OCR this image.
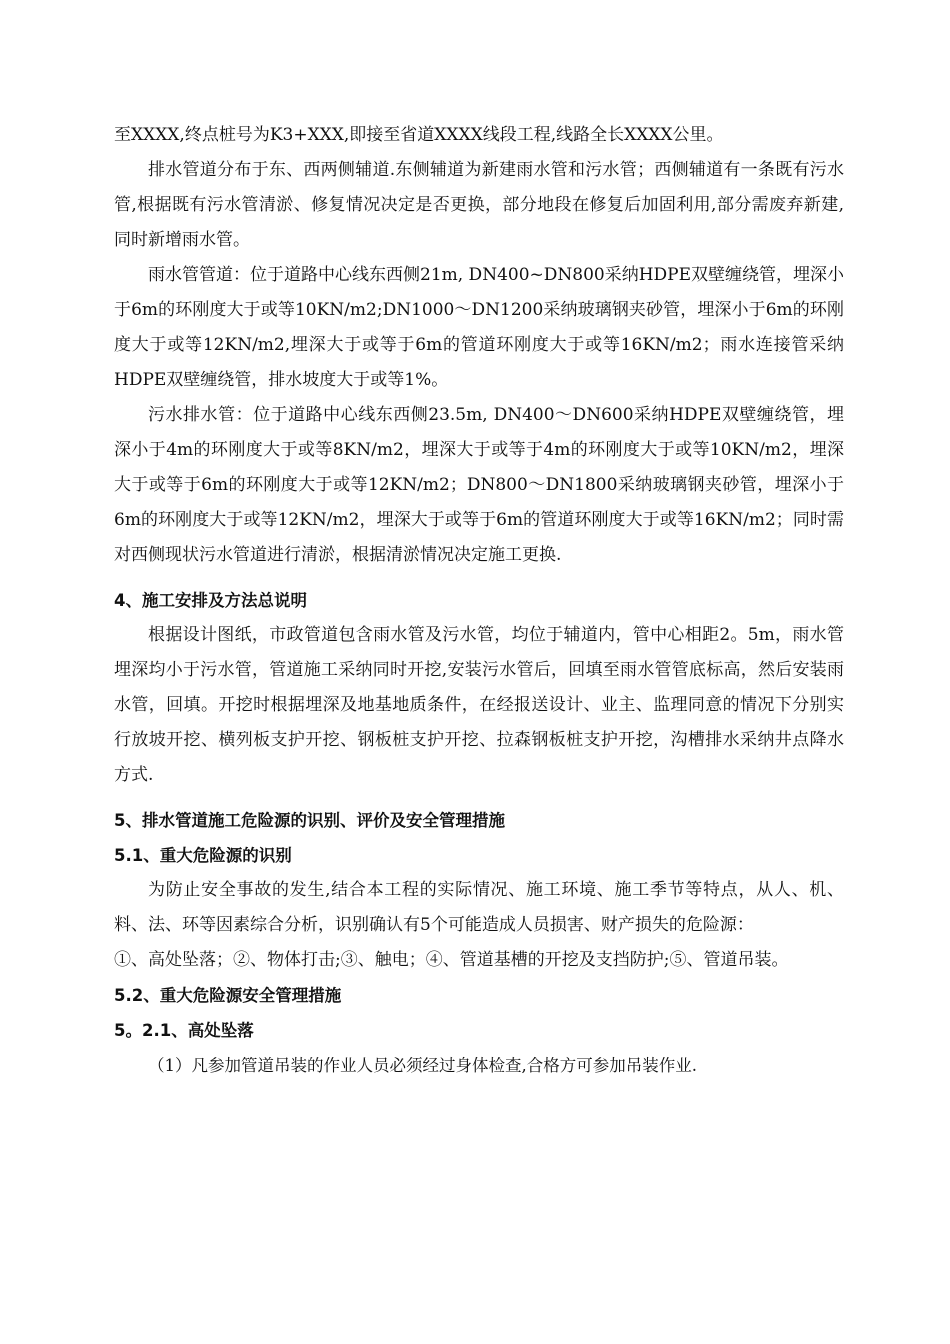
至XXXX,终点桩号为K3+XXX,即接至省道XXXX线段工程,线路全长XXXX公里。

排水管道分布于东、西两侧辅道.东侧辅道为新建雨水管和污水管；西侧辅道有一条既有污水管,根据既有污水管清淤、修复情况决定是否更换，部分地段在修复后加固利用,部分需废弃新建,同时新增雨水管。

雨水管管道：位于道路中心线东西侧21m, DN400~DN800采纳HDPE双壁缠绕管，埋深小于6m的环刚度大于或等10KN/m2;DN1000～DN1200采纳玻璃钢夹砂管，埋深小于6m的环刚度大于或等12KN/m2,埋深大于或等于6m的管道环刚度大于或等16KN/m2；雨水连接管采纳HDPE双壁缠绕管，排水坡度大于或等1%。

污水排水管：位于道路中心线东西侧23.5m, DN400～DN600采纳HDPE双壁缠绕管，埋深小于4m的环刚度大于或等8KN/m2，埋深大于或等于4m的环刚度大于或等10KN/m2，埋深大于或等于6m的环刚度大于或等12KN/m2；DN800～DN1800采纳玻璃钢夹砂管，埋深小于6m的环刚度大于或等12KN/m2，埋深大于或等于6m的管道环刚度大于或等16KN/m2；同时需对西侧现状污水管道进行清淤，根据清淤情况决定施工更换.

4、施工安排及方法总说明

根据设计图纸，市政管道包含雨水管及污水管，均位于辅道内，管中心相距2。5m，雨水管埋深均小于污水管，管道施工采纳同时开挖,安装污水管后，回填至雨水管管底标高，然后安装雨水管，回填。开挖时根据埋深及地基地质条件，在经报送设计、业主、监理同意的情况下分别实行放坡开挖、横列板支护开挖、钢板桩支护开挖、拉森钢板桩支护开挖，沟槽排水采纳井点降水方式.

5、排水管道施工危险源的识别、评价及安全管理措施
5.1、重大危险源的识别

为防止安全事故的发生,结合本工程的实际情况、施工环境、施工季节等特点，从人、机、料、法、环等因素综合分析，识别确认有5个可能造成人员损害、财产损失的危险源：

①、高处坠落；②、物体打击;③、触电；④、管道基槽的开挖及支挡防护;⑤、管道吊装。

5.2、重大危险源安全管理措施
5。2.1、高处坠落

（1）凡参加管道吊装的作业人员必须经过身体检查,合格方可参加吊装作业.
